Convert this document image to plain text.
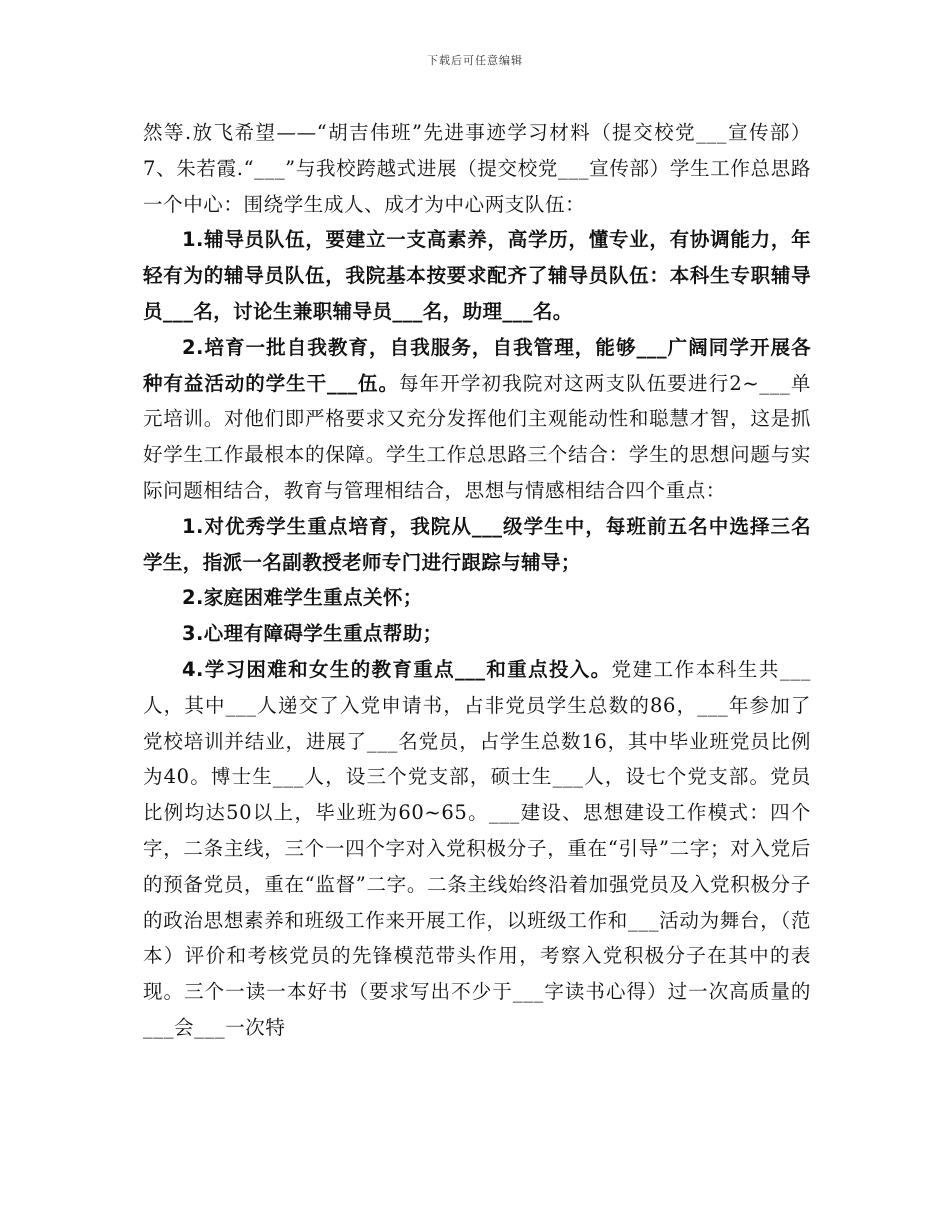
下载后可任意编辑

然等.放飞希望——“胡吉伟班”先进事迹学习材料（提交校党___宣传部）7、朱若霞.“___”与我校跨越式进展（提交校党___宣传部）学生工作总思路一个中心：围绕学生成人、成才为中心两支队伍：

1.辅导员队伍，要建立一支高素养，高学历，懂专业，有协调能力，年轻有为的辅导员队伍，我院基本按要求配齐了辅导员队伍：本科生专职辅导员___名，讨论生兼职辅导员___名，助理___名。

2.培育一批自我教育，自我服务，自我管理，能够___广阔同学开展各种有益活动的学生干___伍。每年开学初我院对这两支队伍要进行2~___单元培训。对他们即严格要求又充分发挥他们主观能动性和聪慧才智，这是抓好学生工作最根本的保障。学生工作总思路三个结合：学生的思想问题与实际问题相结合，教育与管理相结合，思想与情感相结合四个重点：

1.对优秀学生重点培育，我院从___级学生中，每班前五名中选择三名学生，指派一名副教授老师专门进行跟踪与辅导；

2.家庭困难学生重点关怀；

3.心理有障碍学生重点帮助；

4.学习困难和女生的教育重点___和重点投入。党建工作本科生共___人，其中___人递交了入党申请书，占非党员学生总数的86，___年参加了党校培训并结业，进展了___名党员，占学生总数16，其中毕业班党员比例为40。博士生___人，设三个党支部，硕士生___人，设七个党支部。党员比例均达50以上，毕业班为60~65。___建设、思想建设工作模式：四个字，二条主线，三个一四个字对入党积极分子，重在“引导”二字；对入党后的预备党员，重在“监督”二字。二条主线始终沿着加强党员及入党积极分子的政治思想素养和班级工作来开展工作，以班级工作和___活动为舞台，（范本）评价和考核党员的先锋模范带头作用，考察入党积极分子在其中的表现。三个一读一本好书（要求写出不少于___字读书心得）过一次高质量的___会___一次特
